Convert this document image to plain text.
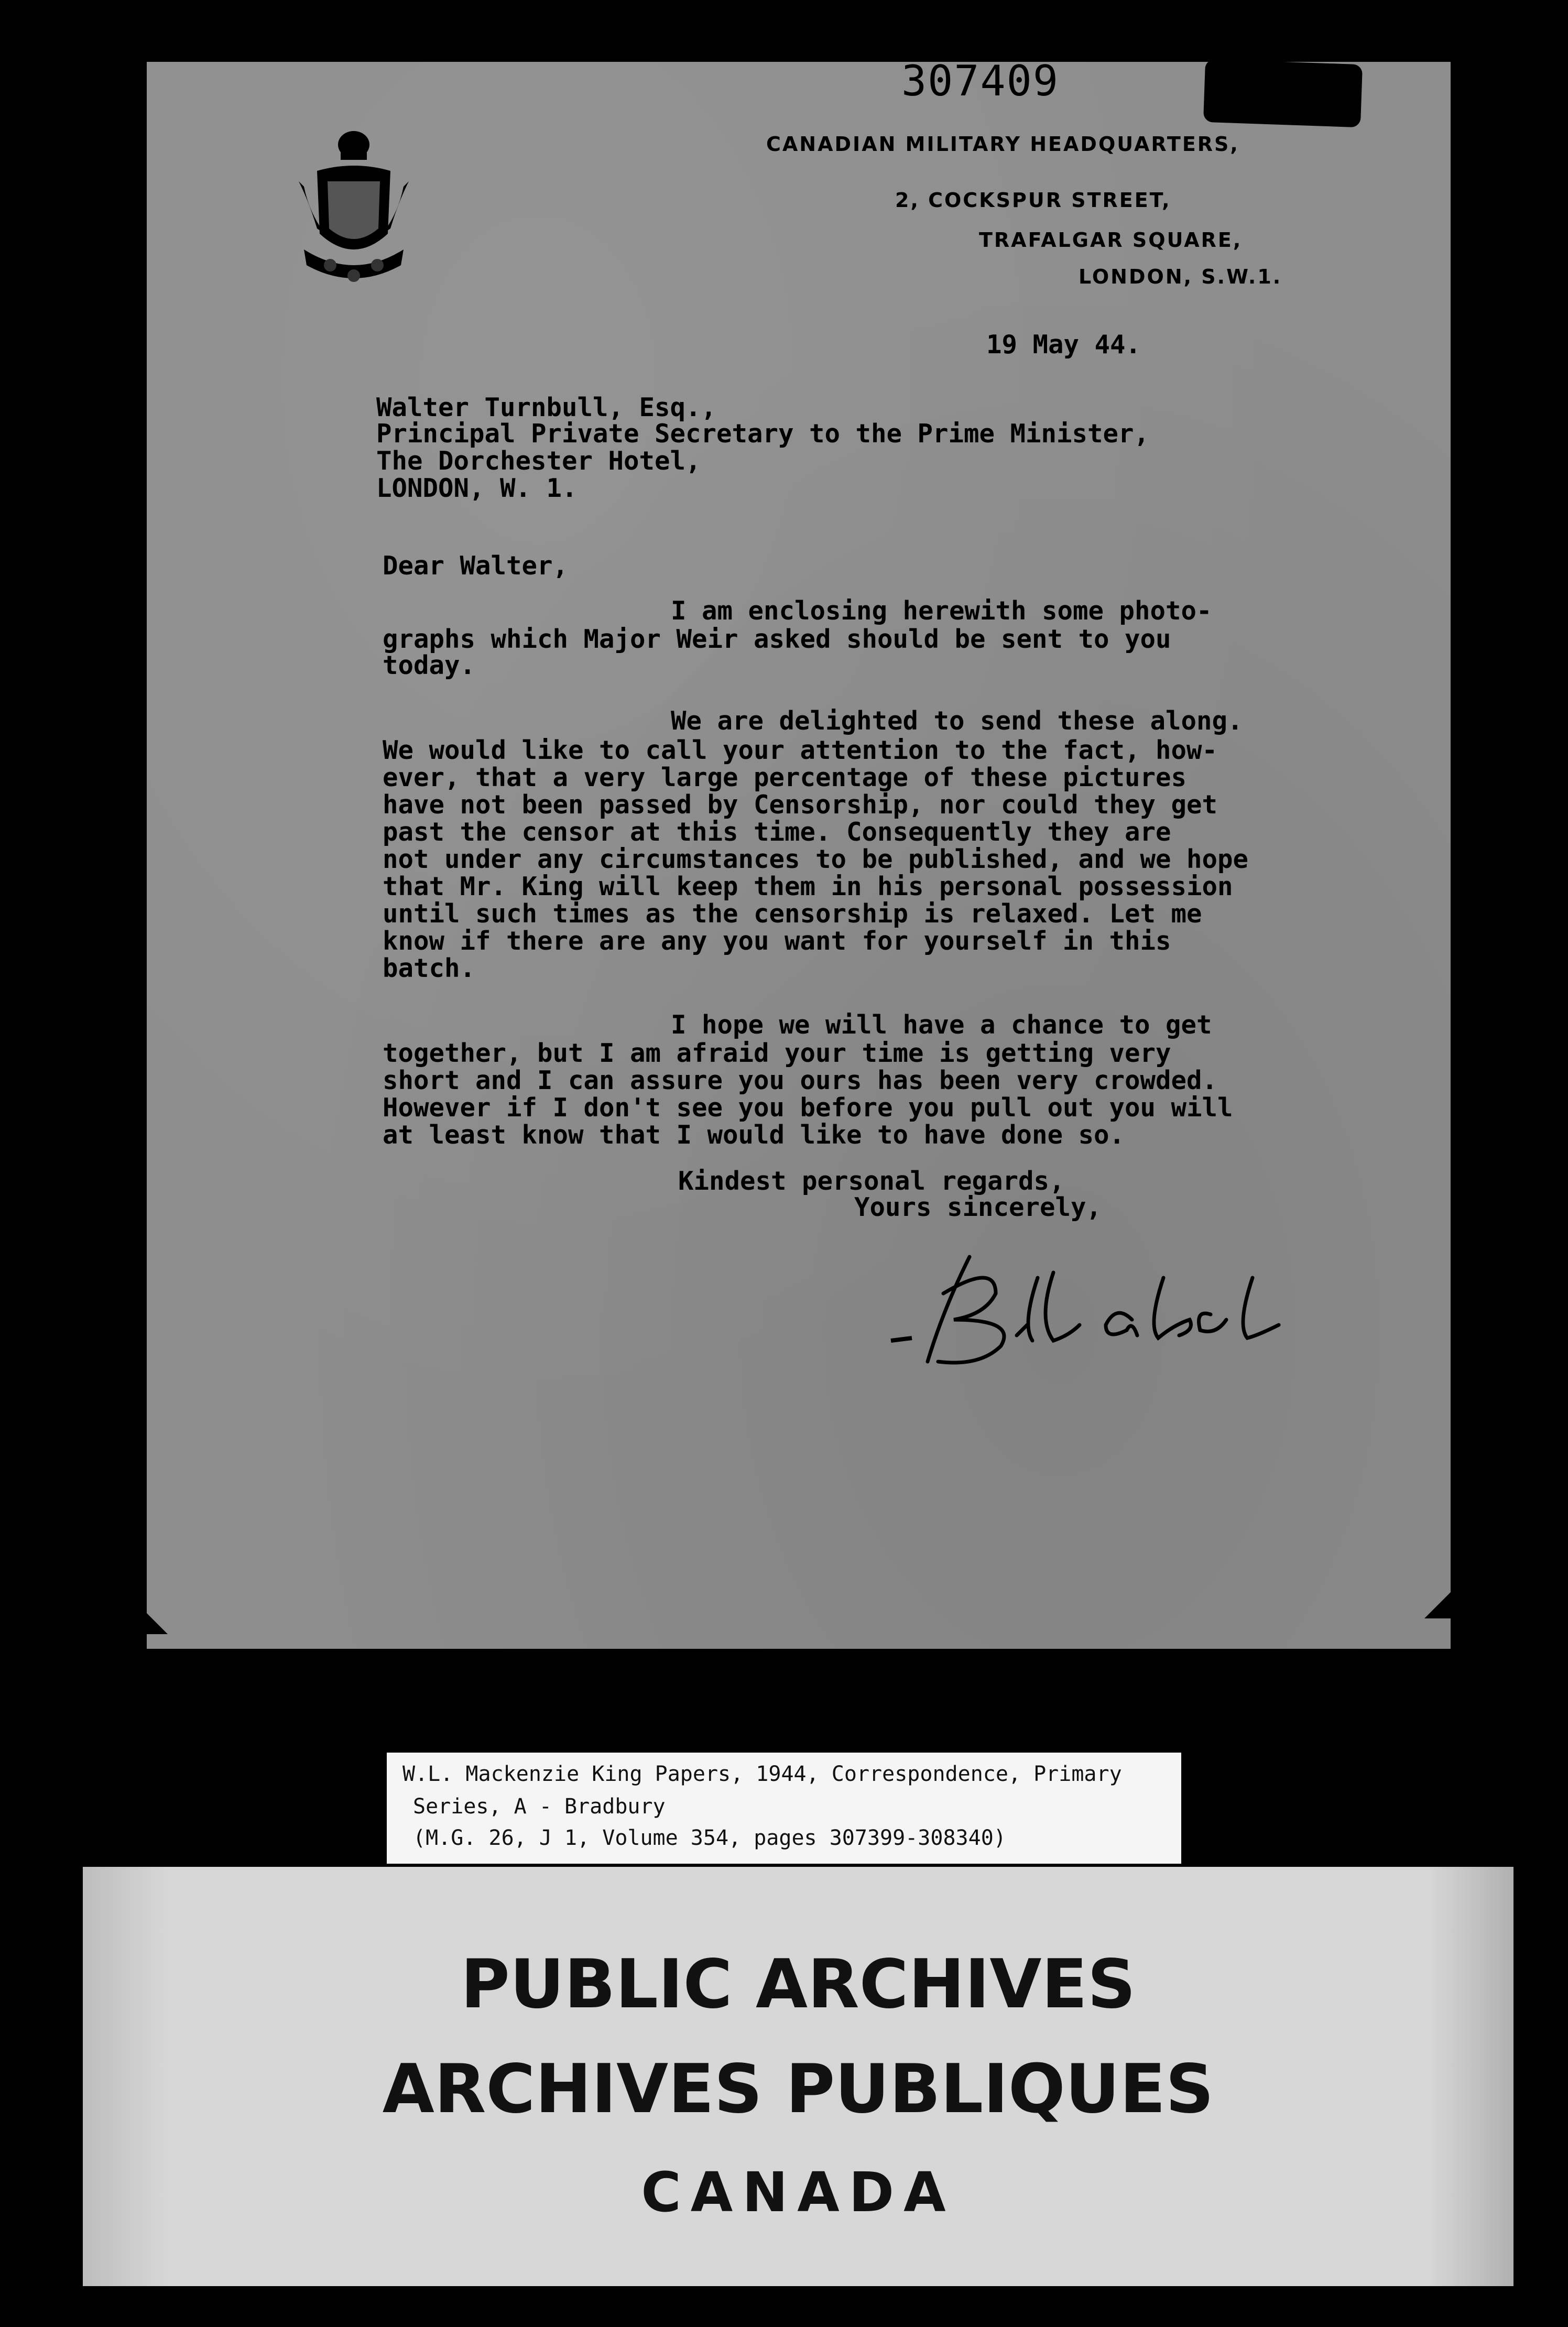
307409
CANADIAN MILITARY HEADQUARTERS,
2, COCKSPUR STREET,
TRAFALGAR SQUARE,
LONDON, S.W.1.
19 May 44.
Walter Turnbull, Esq.,
Principal Private Secretary to the Prime Minister,
The Dorchester Hotel,
LONDON, W. 1.
Dear Walter,
I am enclosing herewith some photo-
graphs which Major Weir asked should be sent to you
today.
We are delighted to send these along.
We would like to call your attention to the fact, how-
ever, that a very large percentage of these pictures
have not been passed by Censorship, nor could they get
past the censor at this time. Consequently they are
not under any circumstances to be published, and we hope
that Mr. King will keep them in his personal possession
until such times as the censorship is relaxed. Let me
know if there are any you want for yourself in this
batch.
I hope we will have a chance to get
together, but I am afraid your time is getting very
short and I can assure you ours has been very crowded.
However if I don't see you before you pull out you will
at least know that I would like to have done so.
Kindest personal regards,
Yours sincerely,
W.L. Mackenzie King Papers, 1944, Correspondence, Primary
Series, A - Bradbury
(M.G. 26, J 1, Volume 354, pages 307399-308340)
PUBLIC ARCHIVES
ARCHIVES PUBLIQUES
CANADA
